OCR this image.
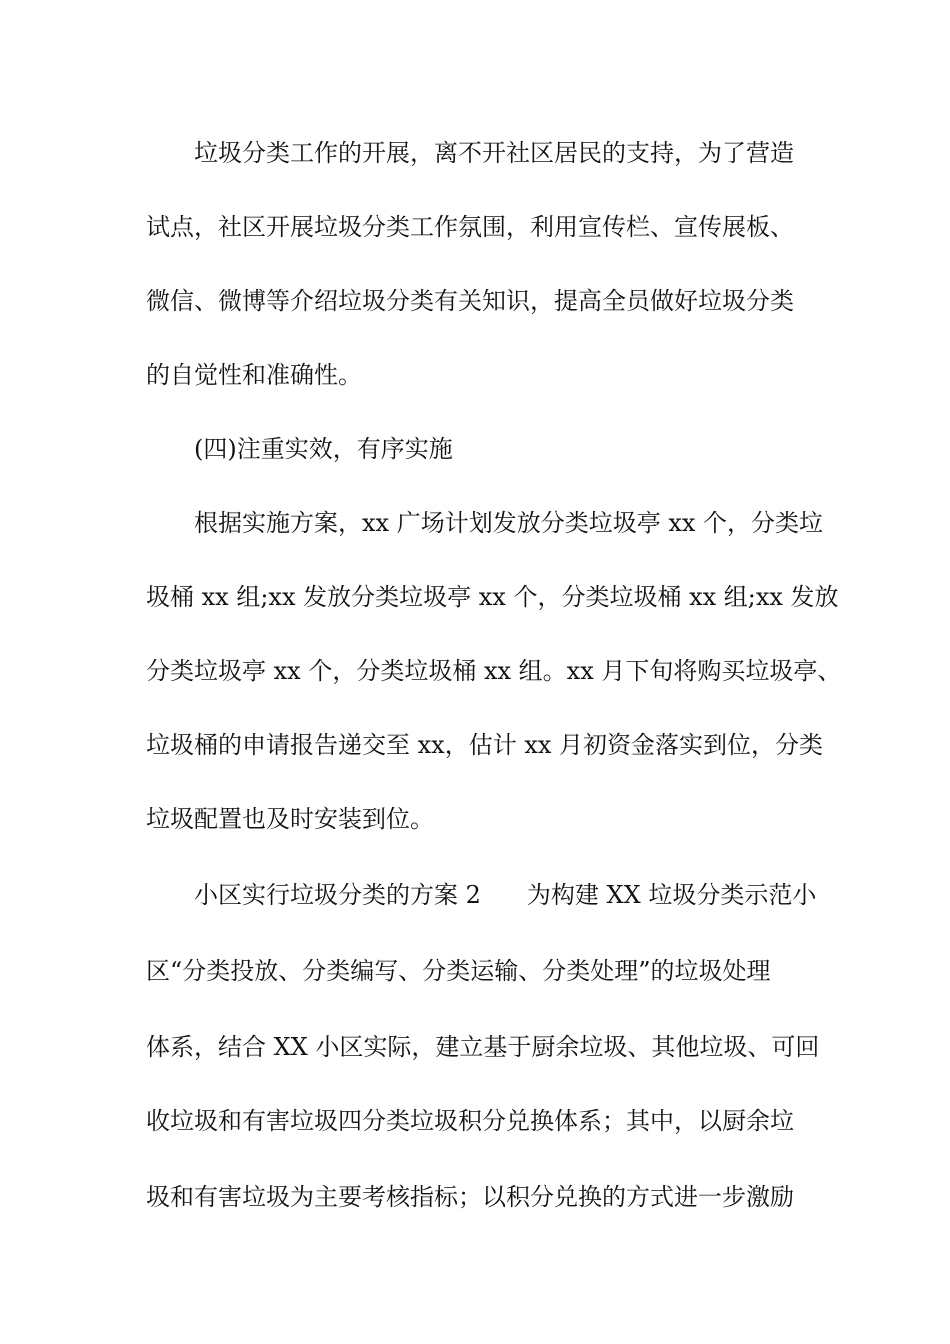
垃圾分类工作的开展，离不开社区居民的支持，为了营造
试点，社区开展垃圾分类工作氛围，利用宣传栏、宣传展板、
微信、微博等介绍垃圾分类有关知识，提高全员做好垃圾分类
的自觉性和准确性。
(四)注重实效，有序实施
根据实施方案，xx 广场计划发放分类垃圾亭 xx 个，分类垃
圾桶 xx 组;xx 发放分类垃圾亭 xx 个，分类垃圾桶 xx 组;xx 发放
分类垃圾亭 xx 个，分类垃圾桶 xx 组。xx 月下旬将购买垃圾亭、
垃圾桶的申请报告递交至 xx，估计 xx 月初资金落实到位，分类
垃圾配置也及时安装到位。
小区实行垃圾分类的方案 2 为构建 XX 垃圾分类示范小
区“分类投放、分类编写、分类运输、分类处理”的垃圾处理
体系，结合 XX 小区实际，建立基于厨余垃圾、其他垃圾、可回
收垃圾和有害垃圾四分类垃圾积分兑换体系；其中，以厨余垃
圾和有害垃圾为主要考核指标；以积分兑换的方式进一步激励
